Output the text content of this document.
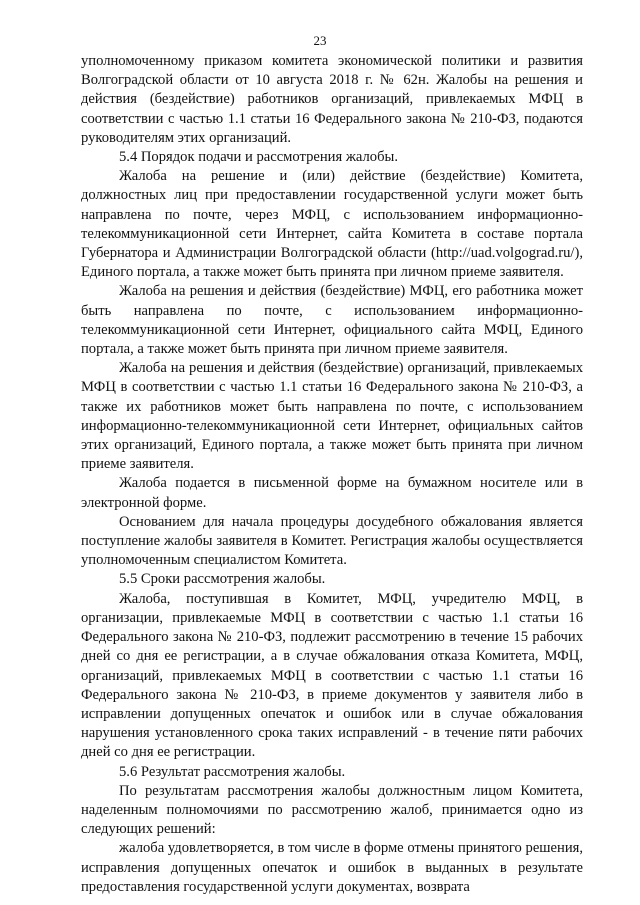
23

уполномоченному приказом комитета экономической политики и развития Волгоградской области от 10 августа 2018 г. № 62н. Жалобы на решения и действия (бездействие) работников организаций, привлекаемых МФЦ в соответствии с частью 1.1 статьи 16 Федерального закона № 210-ФЗ, подаются руководителям этих организаций.

5.4 Порядок подачи и рассмотрения жалобы.

Жалоба на решение и (или) действие (бездействие) Комитета, должностных лиц при предоставлении государственной услуги может быть направлена по почте, через МФЦ, с использованием информационно-телекоммуникационной сети Интернет, сайта Комитета в составе портала Губернатора и Администрации Волгоградской области (http://uad.volgograd.ru/), Единого портала, а также может быть принята при личном приеме заявителя.

Жалоба на решения и действия (бездействие) МФЦ, его работника может быть направлена по почте, с использованием информационно-телекоммуникационной сети Интернет, официального сайта МФЦ, Единого портала, а также может быть принята при личном приеме заявителя.

Жалоба на решения и действия (бездействие) организаций, привлекаемых МФЦ в соответствии с частью 1.1 статьи 16 Федерального закона № 210-ФЗ, а также их работников может быть направлена по почте, с использованием информационно-телекоммуникационной сети Интернет, официальных сайтов этих организаций, Единого портала, а также может быть принята при личном приеме заявителя.

Жалоба подается в письменной форме на бумажном носителе или в электронной форме.

Основанием для начала процедуры досудебного обжалования является поступление жалобы заявителя в Комитет. Регистрация жалобы осуществляется уполномоченным специалистом Комитета.

5.5 Сроки рассмотрения жалобы.

Жалоба, поступившая в Комитет, МФЦ, учредителю МФЦ, в организации, привлекаемые МФЦ в соответствии с частью 1.1 статьи 16 Федерального закона № 210-ФЗ, подлежит рассмотрению в течение 15 рабочих дней со дня ее регистрации, а в случае обжалования отказа Комитета, МФЦ, организаций, привлекаемых МФЦ в соответствии с частью 1.1 статьи 16 Федерального закона № 210-ФЗ, в приеме документов у заявителя либо в исправлении допущенных опечаток и ошибок или в случае обжалования нарушения установленного срока таких исправлений - в течение пяти рабочих дней со дня ее регистрации.

5.6 Результат рассмотрения жалобы.

По результатам рассмотрения жалобы должностным лицом Комитета, наделенным полномочиями по рассмотрению жалоб, принимается одно из следующих решений:

жалоба удовлетворяется, в том числе в форме отмены принятого решения, исправления допущенных опечаток и ошибок в выданных в результате предоставления государственной услуги документах, возврата
